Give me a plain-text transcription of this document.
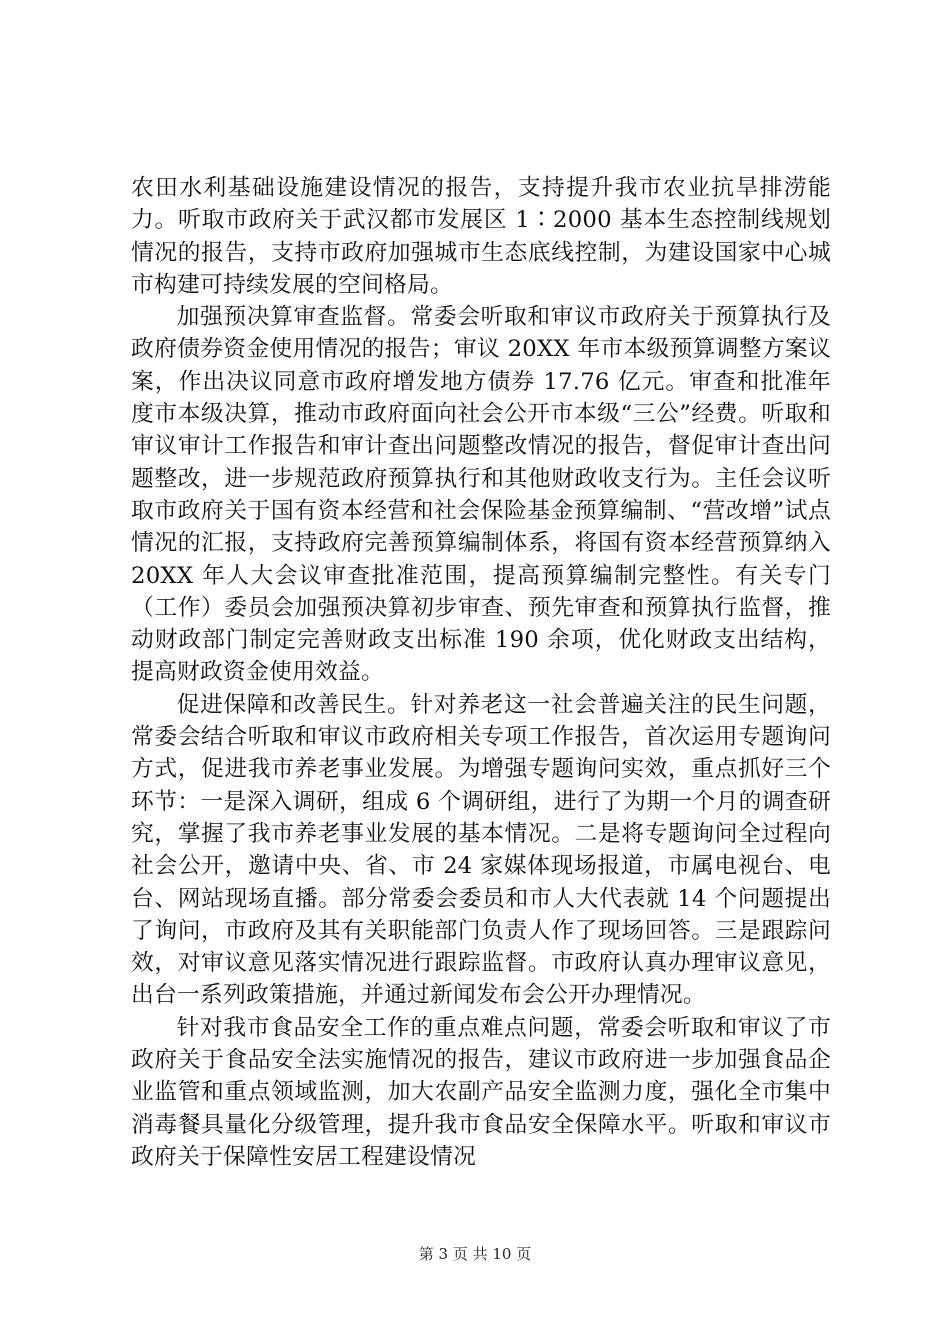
农田水利基础设施建设情况的报告，支持提升我市农业抗旱排涝能力。听取市政府关于武汉都市发展区 1∶2000 基本生态控制线规划情况的报告，支持市政府加强城市生态底线控制，为建设国家中心城市构建可持续发展的空间格局。

加强预决算审查监督。常委会听取和审议市政府关于预算执行及政府债券资金使用情况的报告；审议 20XX 年市本级预算调整方案议案，作出决议同意市政府增发地方债券 17.76 亿元。审查和批准年度市本级决算，推动市政府面向社会公开市本级“三公”经费。听取和审议审计工作报告和审计查出问题整改情况的报告，督促审计查出问题整改，进一步规范政府预算执行和其他财政收支行为。主任会议听取市政府关于国有资本经营和社会保险基金预算编制、“营改增”试点情况的汇报，支持政府完善预算编制体系，将国有资本经营预算纳入 20XX 年人大会议审查批准范围，提高预算编制完整性。有关专门（工作）委员会加强预决算初步审查、预先审查和预算执行监督，推动财政部门制定完善财政支出标准 190 余项，优化财政支出结构，提高财政资金使用效益。

促进保障和改善民生。针对养老这一社会普遍关注的民生问题，常委会结合听取和审议市政府相关专项工作报告，首次运用专题询问方式，促进我市养老事业发展。为增强专题询问实效，重点抓好三个环节：一是深入调研，组成 6 个调研组，进行了为期一个月的调查研究，掌握了我市养老事业发展的基本情况。二是将专题询问全过程向社会公开，邀请中央、省、市 24 家媒体现场报道，市属电视台、电台、网站现场直播。部分常委会委员和市人大代表就 14 个问题提出了询问，市政府及其有关职能部门负责人作了现场回答。三是跟踪问效，对审议意见落实情况进行跟踪监督。市政府认真办理审议意见，出台一系列政策措施，并通过新闻发布会公开办理情况。

针对我市食品安全工作的重点难点问题，常委会听取和审议了市政府关于食品安全法实施情况的报告，建议市政府进一步加强食品企业监管和重点领域监测，加大农副产品安全监测力度，强化全市集中消毒餐具量化分级管理，提升我市食品安全保障水平。听取和审议市政府关于保障性安居工程建设情况

第 3 页 共 10 页
